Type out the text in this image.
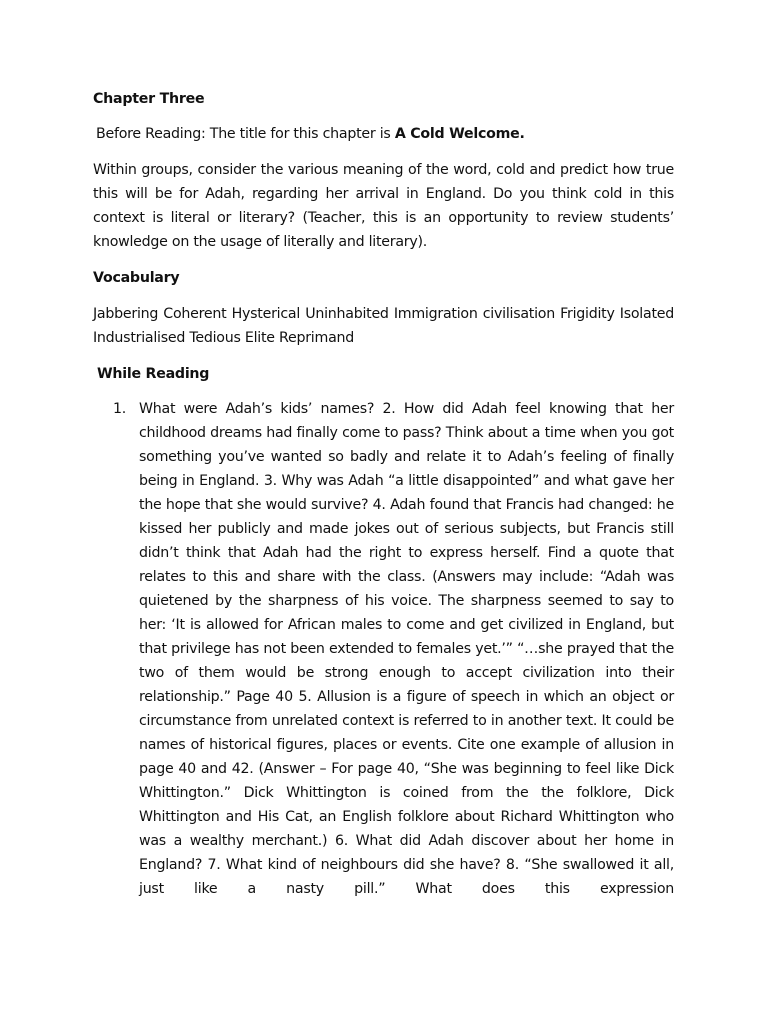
Chapter Three
Before Reading: The title for this chapter is A Cold Welcome.

Within groups, consider the various meaning of the word, cold and predict how true this will be for Adah, regarding her arrival in England. Do you think cold in this context is literal or literary? (Teacher, this is an opportunity to review students’ knowledge on the usage of literally and literary).

Vocabulary

Jabbering Coherent Hysterical Uninhabited Immigration civilisation Frigidity Isolated Industrialised Tedious Elite Reprimand

While Reading
1. What were Adah’s kids’ names? 2. How did Adah feel knowing that her childhood dreams had finally come to pass? Think about a time when you got something you’ve wanted so badly and relate it to Adah’s feeling of finally being in England. 3. Why was Adah “a little disappointed” and what gave her the hope that she would survive? 4. Adah found that Francis had changed: he kissed her publicly and made jokes out of serious subjects, but Francis still didn’t think that Adah had the right to express herself. Find a quote that relates to this and share with the class. (Answers may include: “Adah was quietened by the sharpness of his voice. The sharpness seemed to say to her: ‘It is allowed for African males to come and get civilized in England, but that privilege has not been extended to females yet.’” “…she prayed that the two of them would be strong enough to accept civilization into their relationship.” Page 40 5. Allusion is a figure of speech in which an object or circumstance from unrelated context is referred to in another text. It could be names of historical figures, places or events. Cite one example of allusion in page 40 and 42. (Answer – For page 40, “She was beginning to feel like Dick Whittington.” Dick Whittington is coined from the the folklore, Dick Whittington and His Cat, an English folklore about Richard Whittington who was a wealthy merchant.) 6. What did Adah discover about her home in England? 7. What kind of neighbours did she have? 8. “She swallowed it all, just like a nasty pill.” What does this expression
